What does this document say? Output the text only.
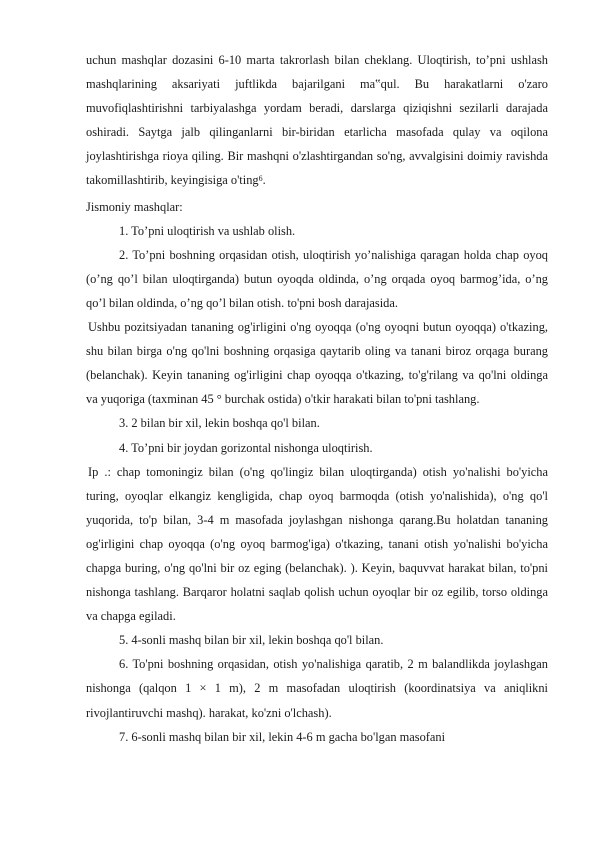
uchun mashqlar dozasini 6-10 marta takrorlash bilan cheklang. Uloqtirish, to’pni ushlash mashqlarining aksariyati juftlikda bajarilgani ma‟qul. Bu harakatlarni o'zaro muvofiqlashtirishni tarbiyalashga yordam beradi, darslarga qiziqishni sezilarli darajada oshiradi. Saytga jalb qilinganlarni bir-biridan etarlicha masofada qulay va oqilona joylashtirishga rioya qiling. Bir mashqni o'zlashtirgandan so'ng, avvalgisini doimiy ravishda takomillashtirib, keyingisiga o'ting$^6$.

Jismoniy mashqlar:

1. To’pni uloqtirish va ushlab olish.

2. To’pni boshning orqasidan otish, uloqtirish yo’nalishiga qaragan holda chap oyoq (o’ng qo’l bilan uloqtirganda) butun oyoqda oldinda, o’ng orqada oyoq barmog’ida, o’ng qo’l bilan oldinda, o’ng qo’l bilan otish. to'pni bosh darajasida.

Ushbu pozitsiyadan tananing og'irligini o'ng oyoqqa (o'ng oyoqni butun oyoqqa) o'tkazing, shu bilan birga o'ng qo'lni boshning orqasiga qaytarib oling va tanani biroz orqaga burang (belanchak). Keyin tananing og'irligini chap oyoqqa o'tkazing, to'g'rilang va qo'lni oldinga va yuqoriga (taxminan 45 ° burchak ostida) o'tkir harakati bilan to'pni tashlang.

3. 2 bilan bir xil, lekin boshqa qo'l bilan.

4. To’pni bir joydan gorizontal nishonga uloqtirish.

Ip .: chap tomoningiz bilan (o'ng qo'lingiz bilan uloqtirganda) otish yo'nalishi bo'yicha turing, oyoqlar elkangiz kengligida, chap oyoq barmoqda (otish yo'nalishida), o'ng qo'l yuqorida, to'p bilan, 3-4 m masofada joylashgan nishonga qarang.Bu holatdan tananing og'irligini chap oyoqqa (o'ng oyoq barmog'iga) o'tkazing, tanani otish yo'nalishi bo'yicha chapga buring, o'ng qo'lni bir oz eging (belanchak). ). Keyin, baquvvat harakat bilan, to'pni nishonga tashlang. Barqaror holatni saqlab qolish uchun oyoqlar bir oz egilib, torso oldinga va chapga egiladi.

5. 4-sonli mashq bilan bir xil, lekin boshqa qo'l bilan.

6. To'pni boshning orqasidan, otish yo'nalishiga qaratib, 2 m balandlikda joylashgan nishonga (qalqon 1 × 1 m), 2 m masofadan uloqtirish (koordinatsiya va aniqlikni rivojlantiruvchi mashq). harakat, ko'zni o'lchash).

7. 6-sonli mashq bilan bir xil, lekin 4-6 m gacha bo'lgan masofani
